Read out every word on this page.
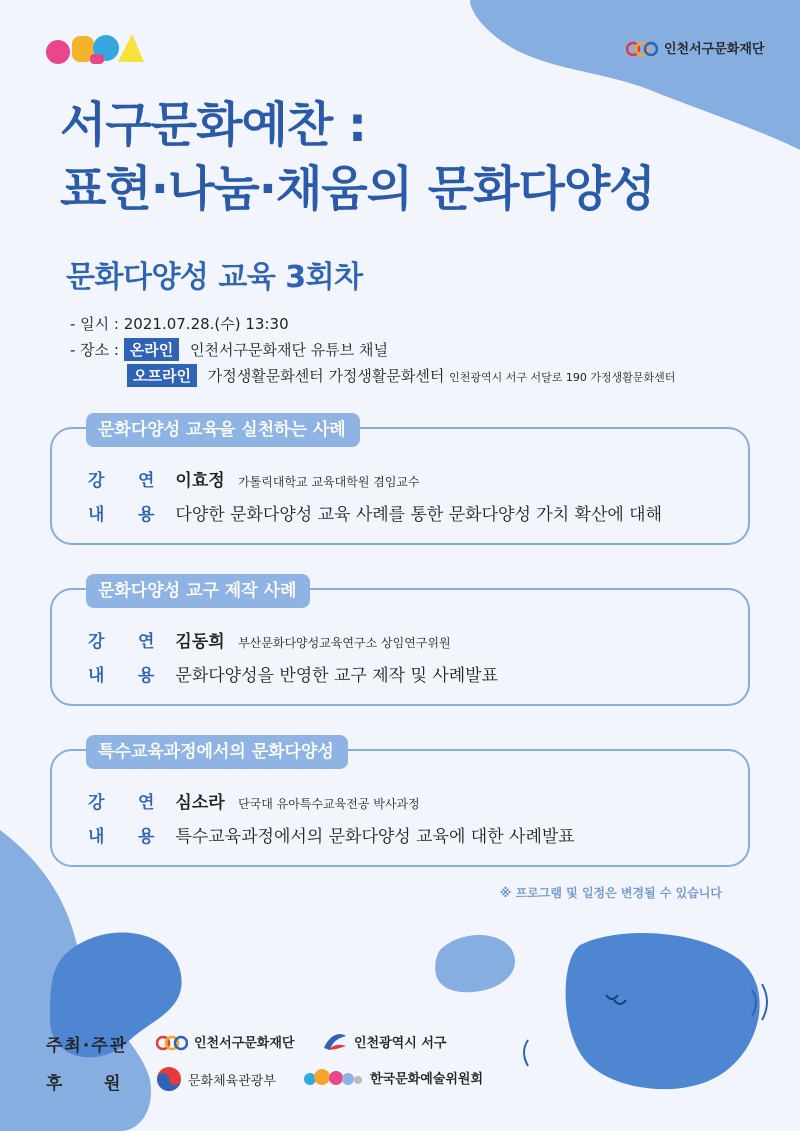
인천서구문화재단
서구문화예찬 :
표현·나눔·채움의 문화다양성
문화다양성 교육 3회차
- 일시 : 2021.07.28.(수) 13:30
- 장소 : 온라인 인천서구문화재단 유튜브 채널
오프라인 가정생활문화센터 가정생활문화센터 인천광역시 서구 서달로 190 가정생활문화센터
문화다양성 교육을 실천하는 사례
강 연 이효정 가톨릭대학교 교육대학원 겸임교수
내 용 다양한 문화다양성 교육 사례를 통한 문화다양성 가치 확산에 대해
문화다양성 교구 제작 사례
강 연 김동희 부산문화다양성교육연구소 상임연구위원
내 용 문화다양성을 반영한 교구 제작 및 사례발표
특수교육과정에서의 문화다양성
강 연 심소라 단국대 유아특수교육전공 박사과정
내 용 특수교육과정에서의 문화다양성 교육에 대한 사례발표
※ 프로그램 및 일정은 변경될 수 있습니다
주최·주관
후 원
인천서구문화재단	인천광역시 서구
문화체육관광부	한국문화예술위원회
